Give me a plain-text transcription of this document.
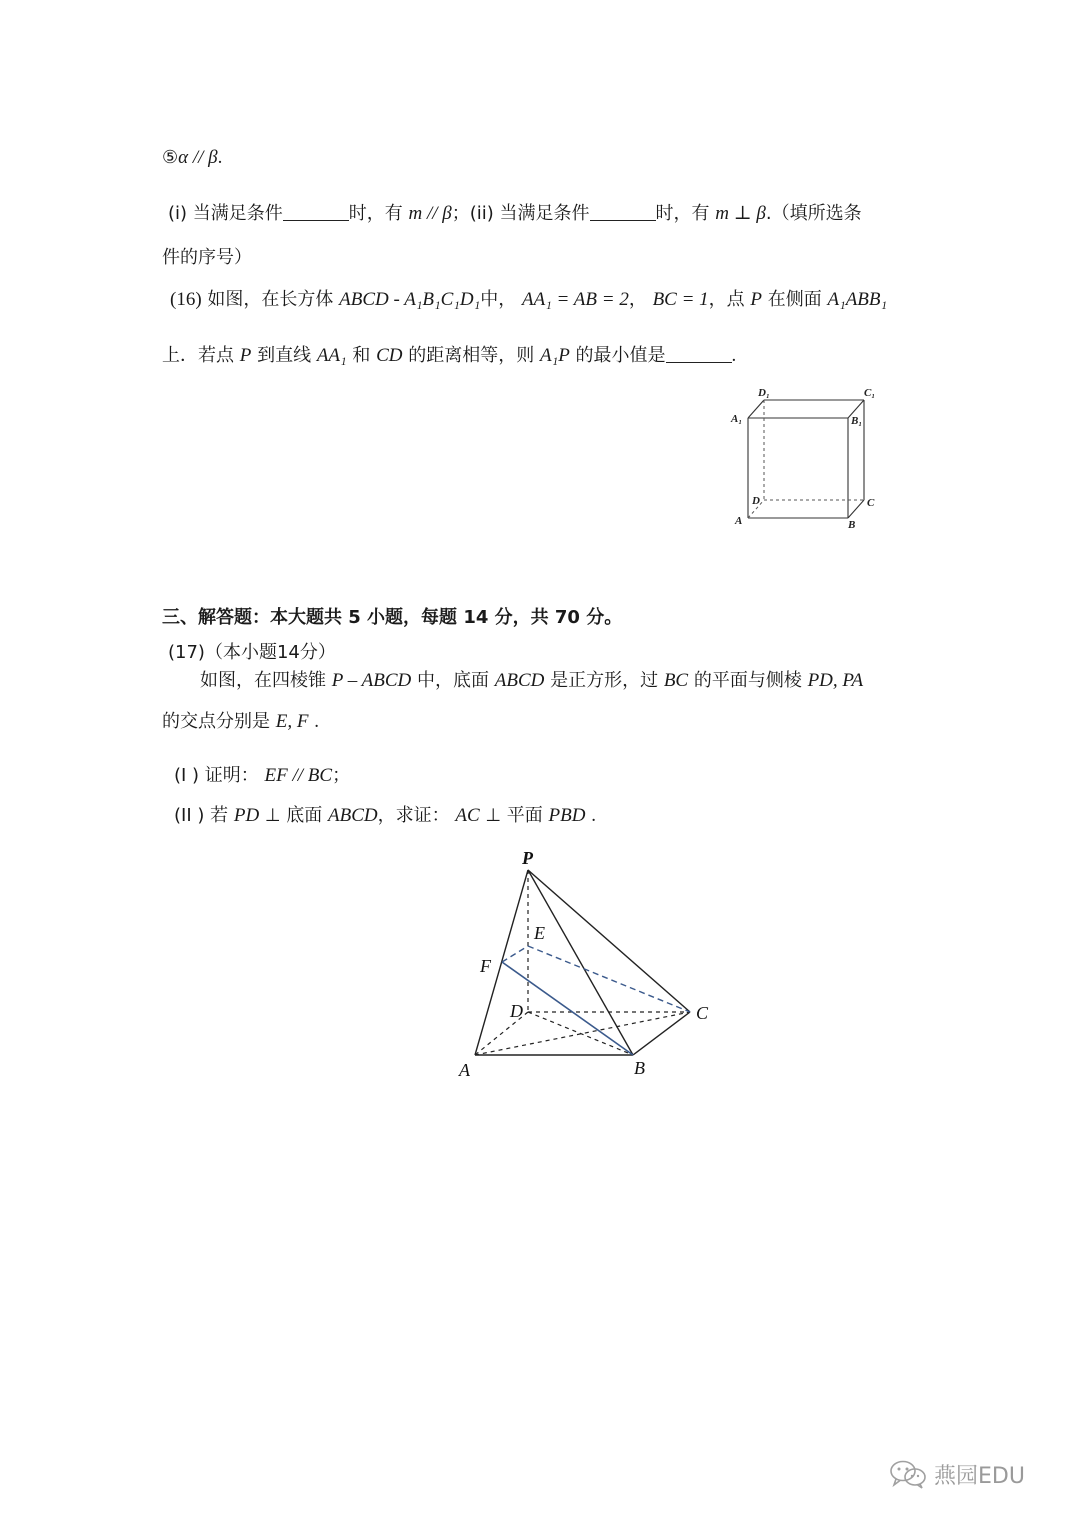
⑤α // β.
(i) 当满足条件	时，有 m // β；(ii) 当满足条件	时，有 m ⊥ β.（填所选条
件的序号）
(16) 如图，在长方体 ABCD - A₁B₁C₁D₁中， AA₁ = AB = 2， BC = 1，点 P 在侧面 A₁ABB₁
上．若点 P 到直线 AA₁ 和 CD 的距离相等，则 A₁P 的最小值是	.
D₁	C₁
A₁	B₁
D	C
A	B
三、解答题：本大题共 5 小题，每题 14 分，共 70 分。
(17)（本小题14分）
如图，在四棱锥 P – ABCD 中，底面 ABCD 是正方形，过 BC 的平面与侧棱 PD, PA
的交点分别是 E, F .
(I ) 证明： EF // BC；
(II ) 若 PD ⊥ 底面 ABCD，求证： AC ⊥ 平面 PBD .
P
E
F
D	C
A	B
燕园EDU
